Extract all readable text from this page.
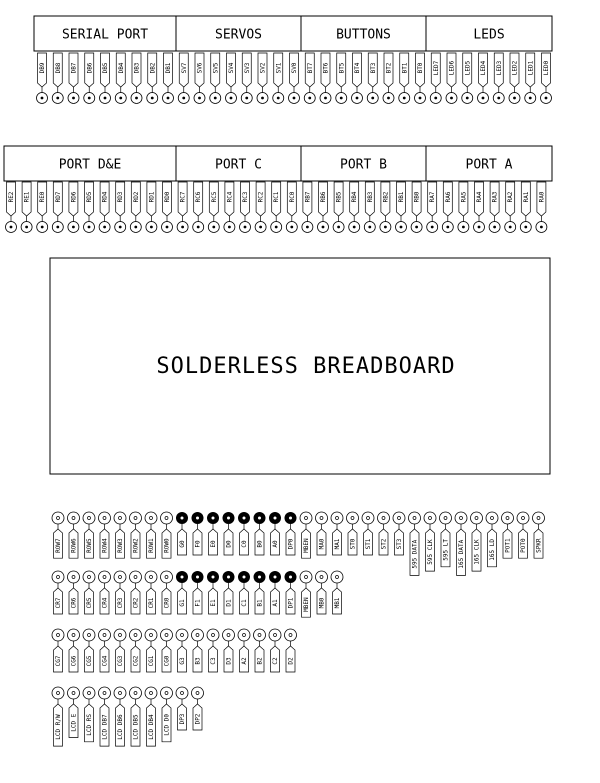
SERIAL PORT	SERVOS	BUTTONS	LEDS
DB9 DB8 DB7 DB6 DB5 DB4 DB3 DB2 DB1 SV7 SV6 SV5 SV4 SV3 SV2 SV1 SV0 BT7 BT6 BT5 BT4 BT3 BT2 BT1 BT0 LED7 LED6 LED5 LED4 LED3 LED2 LED1 LED0
PORT D&E	PORT C	PORT B	PORT A
RE2 RE1 RE0 RD7 RD6 RD5 RD4 RD3 RD2 RD1 RD0 RC7 RC6 RC5 RC4 RC3 RC2 RC1 RC0 RB7 RB6 RB5 RB4 RB3 RB2 RB1 RB0 RA7 RA6 RA5 RA4 RA3 RA2 RA1 RA0
SOLDERLESS BREADBOARD
ROW7 ROW6 ROW5 ROW4 ROW3 ROW2 ROW1 ROW0 G0 F0 E0 D0 C0 B0 A0 DP0 MBEN MA0 MA1 ST0 ST1 ST2 ST3 595 DATA 595 CLK 595 LT 165 DATA 165 CLK 165 LD POT1 POT0 SPKR
CR7 CR6 CR5 CR4 CR3 CR2 CR1 CR0 G1 F1 E1 D1 C1 B1 A1 DP1 MBEN MB0 MB1
CG7 CG6 CG5 CG4 CG3 CG2 CG1 CG0 G3 B3 C3 D3 A2 B2 C2 D2
LCD R/W LCD E LCD RS LCD DB7 LCD DB6 LCD DB5 LCD DB4 LCD D0 DP3 DP2
